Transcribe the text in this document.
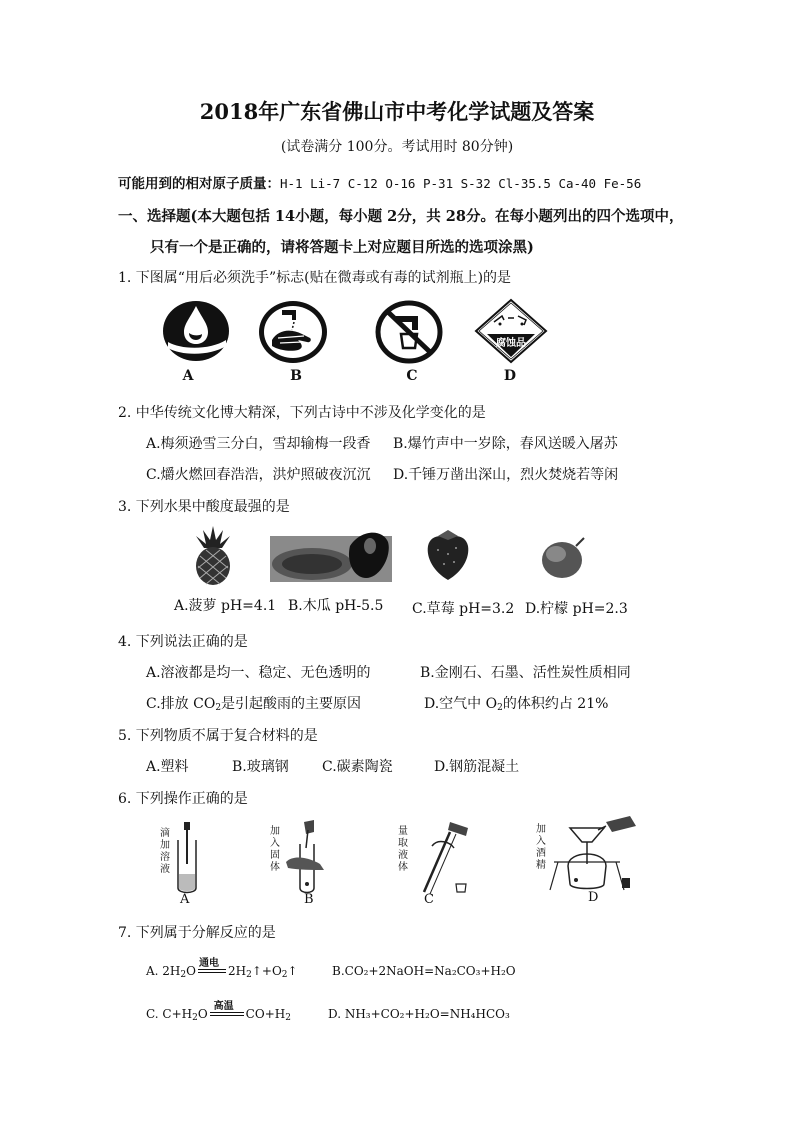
2018年广东省佛山市中考化学试题及答案
(试卷满分 100分。考试用时 80分钟)
可能用到的相对原子质量：H-1 Li-7 C-12 O-16 P-31 S-32 Cl-35.5 Ca-40 Fe-56
一、选择题(本大题包括 14小题，每小题 2分，共 28分。在每小题列出的四个选项中，
只有一个是正确的，请将答题卡上对应题目所选的选项涂黑)
1. 下图属“用后必须洗手”标志(贴在微毒或有毒的试剂瓶上)的是
腐蚀品
A	B	C	D
2. 中华传统文化博大精深，下列古诗中不涉及化学变化的是
A.梅须逊雪三分白，雪却输梅一段香 B.爆竹声中一岁除，春风送暖入屠苏
C.爝火燃回春浩浩，洪炉照破夜沉沉 D.千锤万凿出深山，烈火焚烧若等闲
3. 下列水果中酸度最强的是
A.菠萝 pH=4.1 B.木瓜 pH-5.5 C.草莓 pH=3.2 D.柠檬 pH=2.3
4. 下列说法正确的是
A.溶液都是均一、稳定、无色透明的	B.金刚石、石墨、活性炭性质相同
C.排放 $CO_2$是引起酸雨的主要原因	D.空气中 $O_2$的体积约占 21%
5. 下列物质不属于复合材料的是
A.塑料	B.玻璃钢 C.碳素陶瓷	D.钢筋混凝土
6. 下列操作正确的是
滴加溶液
加入固体
量取液体
加入酒精
A	B	C	D
7. 下列属于分解反应的是
A. $2H_2O$
通电
$2H_2↑+O_2↑$	B.CO₂+2NaOH=Na₂CO₃+H₂O
C. $C+H_2O$
高温
$CO+H_2$	D. NH₃+CO₂+H₂O=NH₄HCO₃
